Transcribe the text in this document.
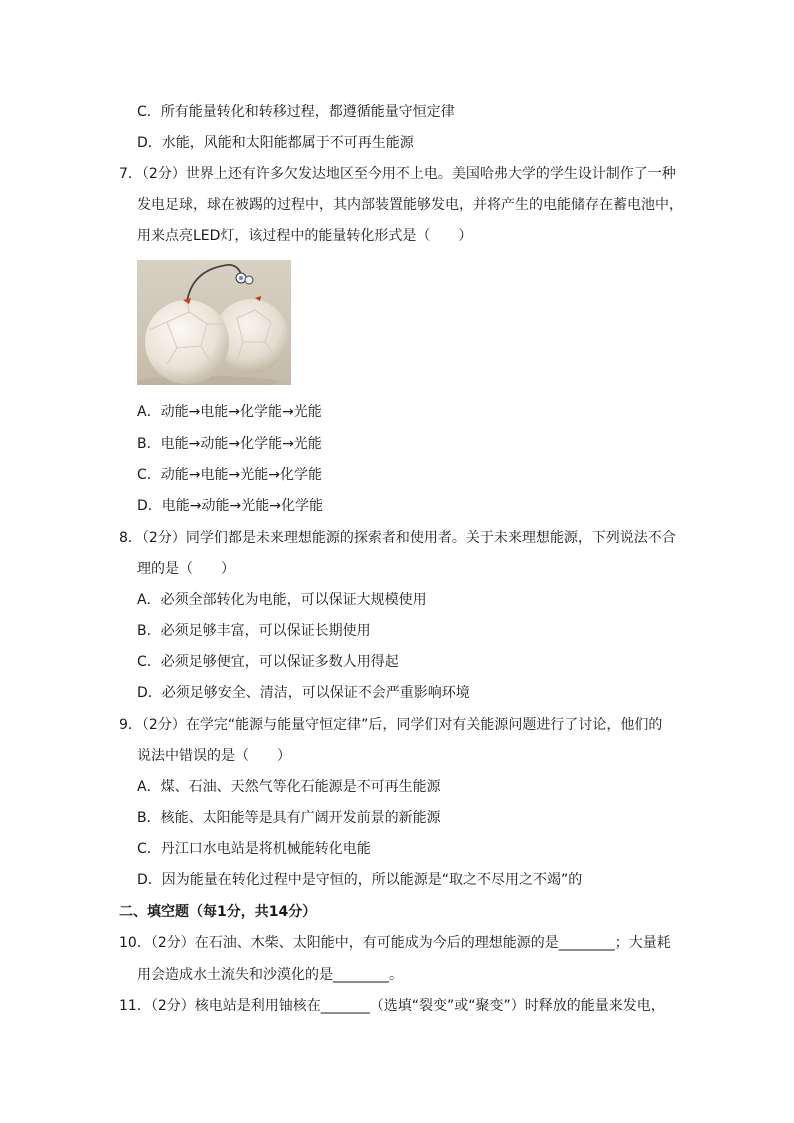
C．所有能量转化和转移过程，都遵循能量守恒定律
D．水能，风能和太阳能都属于不可再生能源
7．（2分）世界上还有许多欠发达地区至今用不上电。美国哈弗大学的学生设计制作了一种
发电足球，球在被踢的过程中，其内部装置能够发电，并将产生的电能储存在蓄电池中，
用来点亮LED灯，该过程中的能量转化形式是（　　）
A．动能→电能→化学能→光能
B．电能→动能→化学能→光能
C．动能→电能→光能→化学能
D．电能→动能→光能→化学能
8．（2分）同学们都是未来理想能源的探索者和使用者。关于未来理想能源，下列说法不合
理的是（　　）
A．必须全部转化为电能，可以保证大规模使用
B．必须足够丰富，可以保证长期使用
C．必须足够便宜，可以保证多数人用得起
D．必须足够安全、清洁，可以保证不会严重影响环境
9．（2分）在学完“能源与能量守恒定律”后，同学们对有关能源问题进行了讨论，他们的
说法中错误的是（　　）
A．煤、石油、天然气等化石能源是不可再生能源
B．核能、太阳能等是具有广阔开发前景的新能源
C．丹江口水电站是将机械能转化电能
D．因为能量在转化过程中是守恒的，所以能源是“取之不尽用之不竭”的
二、填空题（每1分，共14分）
10．（2分）在石油、木柴、太阳能中，有可能成为今后的理想能源的是________；大量耗
用会造成水土流失和沙漠化的是________。
11．（2分）核电站是利用铀核在_______（选填“裂变”或“聚变”）时释放的能量来发电，
